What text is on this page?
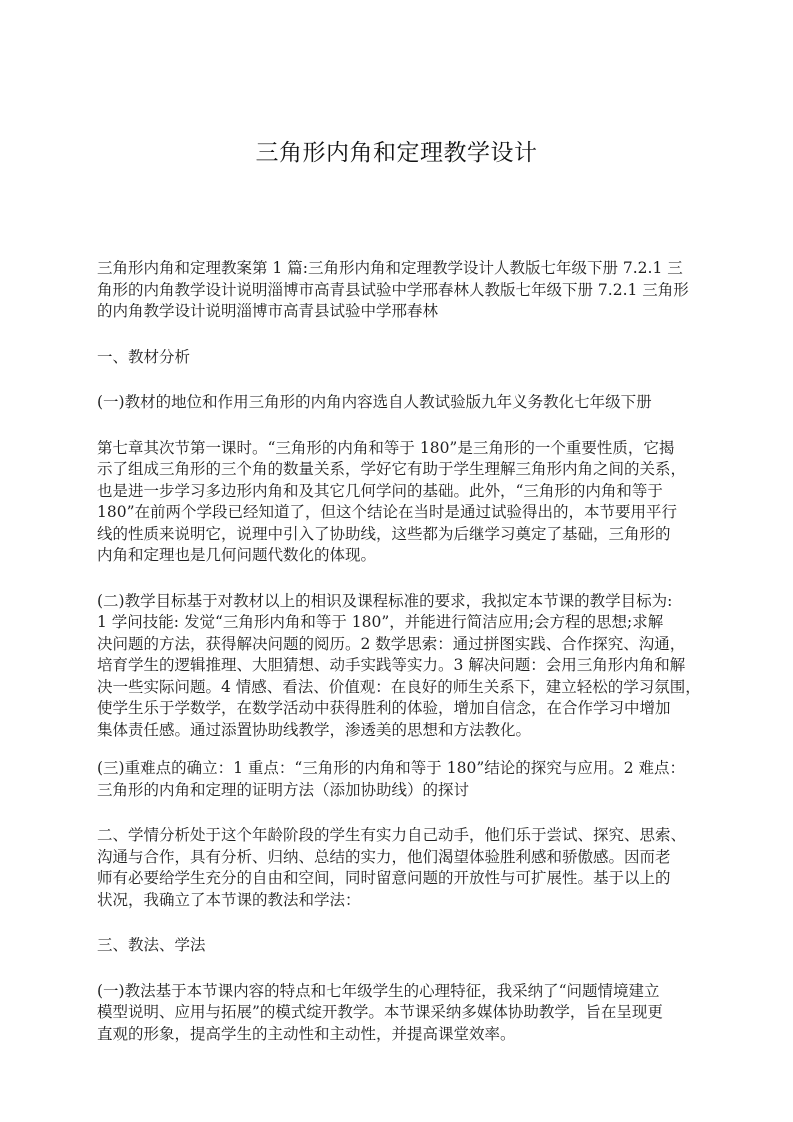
三角形内角和定理教学设计

三角形内角和定理教案第 1 篇:三角形内角和定理教学设计人教版七年级下册 7.2.1 三
角形的内角教学设计说明淄博市高青县试验中学邢春林人教版七年级下册 7.2.1 三角形
的内角教学设计说明淄博市高青县试验中学邢春林

一、教材分析

(一)教材的地位和作用三角形的内角内容选自人教试验版九年义务教化七年级下册

第七章其次节第一课时。“三角形的内角和等于 180”是三角形的一个重要性质，它揭
示了组成三角形的三个角的数量关系，学好它有助于学生理解三角形内角之间的关系，
也是进一步学习多边形内角和及其它几何学问的基础。此外，“三角形的内角和等于
180”在前两个学段已经知道了，但这个结论在当时是通过试验得出的，本节要用平行
线的性质来说明它，说理中引入了协助线，这些都为后继学习奠定了基础，三角形的
内角和定理也是几何问题代数化的体现。

(二)教学目标基于对教材以上的相识及课程标准的要求，我拟定本节课的教学目标为:
1 学问技能: 发觉“三角形内角和等于 180”，并能进行简洁应用;会方程的思想;求解
决问题的方法，获得解决问题的阅历。2 数学思索：通过拼图实践、合作探究、沟通，
培育学生的逻辑推理、大胆猜想、动手实践等实力。3 解决问题：会用三角形内角和解
决一些实际问题。4 情感、看法、价值观：在良好的师生关系下，建立轻松的学习氛围，
使学生乐于学数学，在数学活动中获得胜利的体验，增加自信念，在合作学习中增加
集体责任感。通过添置协助线教学，渗透美的思想和方法教化。

(三)重难点的确立：1 重点：“三角形的内角和等于 180”结论的探究与应用。2 难点：
三角形的内角和定理的证明方法（添加协助线）的探讨

二、学情分析处于这个年龄阶段的学生有实力自己动手，他们乐于尝试、探究、思索、
沟通与合作，具有分析、归纳、总结的实力，他们渴望体验胜利感和骄傲感。因而老
师有必要给学生充分的自由和空间，同时留意问题的开放性与可扩展性。基于以上的
状况，我确立了本节课的教法和学法：

三、教法、学法

(一)教法基于本节课内容的特点和七年级学生的心理特征，我采纳了“问题情境建立
模型说明、应用与拓展”的模式绽开教学。本节课采纳多媒体协助教学，旨在呈现更
直观的形象，提高学生的主动性和主动性，并提高课堂效率。
